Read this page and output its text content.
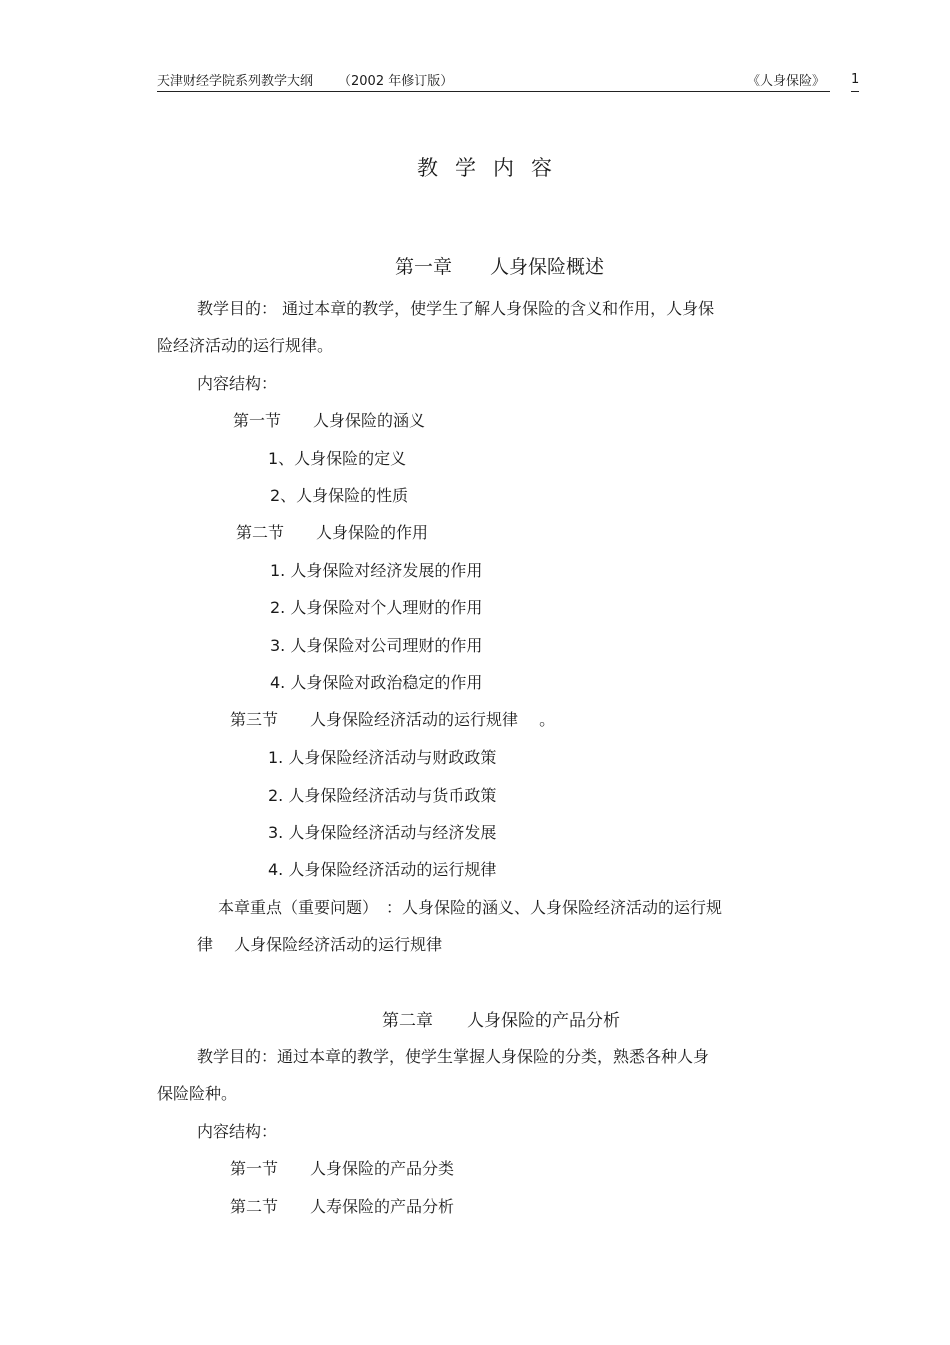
天津财经学院系列教学大纲 （2002 年修订版）	《人身保险》 1
教学内容
第一章　　人身保险概述
教学目的： 通过本章的教学，使学生了解人身保险的含义和作用，人身保
险经济活动的运行规律。
内容结构：
第一节　　人身保险的涵义
1、人身保险的定义
2、人身保险的性质
第二节　　人身保险的作用
1. 人身保险对经济发展的作用
2. 人身保险对个人理财的作用
3. 人身保险对公司理财的作用
4. 人身保险对政治稳定的作用
第三节　　人身保险经济活动的运行规律　 。
1. 人身保险经济活动与财政政策
2. 人身保险经济活动与货币政策
3. 人身保险经济活动与经济发展
4. 人身保险经济活动的运行规律
本章重点（重要问题）　：人身保险的涵义、人身保险经济活动的运行规
律　 人身保险经济活动的运行规律
第二章　　人身保险的产品分析
教学目的：通过本章的教学，使学生掌握人身保险的分类，熟悉各种人身
保险险种。
内容结构：
第一节　　人身保险的产品分类
第二节　　人寿保险的产品分析
